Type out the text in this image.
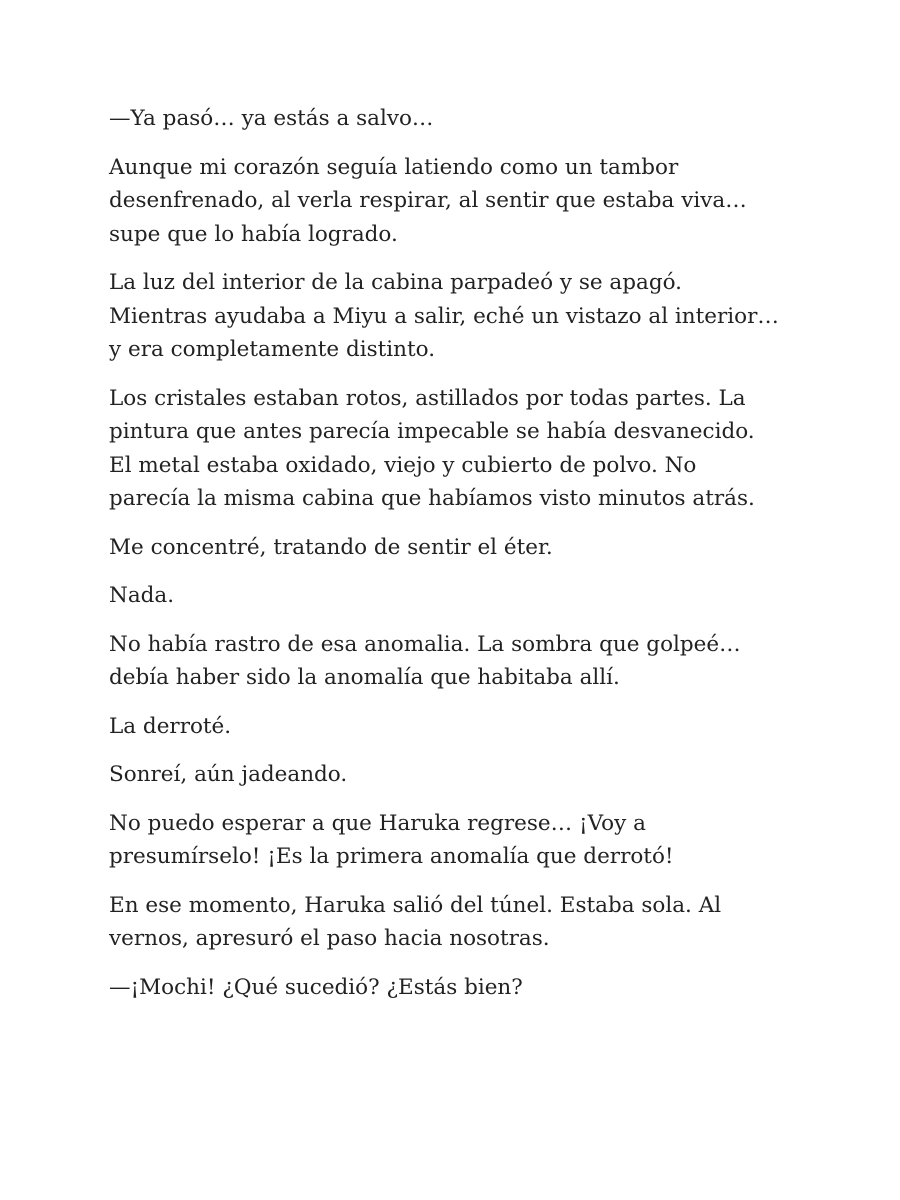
—Ya pasó… ya estás a salvo…

Aunque mi corazón seguía latiendo como un tambor
desenfrenado, al verla respirar, al sentir que estaba viva…
supe que lo había logrado.

La luz del interior de la cabina parpadeó y se apagó.
Mientras ayudaba a Miyu a salir, eché un vistazo al interior…
y era completamente distinto.

Los cristales estaban rotos, astillados por todas partes. La
pintura que antes parecía impecable se había desvanecido.
El metal estaba oxidado, viejo y cubierto de polvo. No
parecía la misma cabina que habíamos visto minutos atrás.

Me concentré, tratando de sentir el éter.

Nada.

No había rastro de esa anomalia. La sombra que golpeé…
debía haber sido la anomalía que habitaba allí.

La derroté.

Sonreí, aún jadeando.

No puedo esperar a que Haruka regrese… ¡Voy a
presumírselo! ¡Es la primera anomalía que derrotó!

En ese momento, Haruka salió del túnel. Estaba sola. Al
vernos, apresuró el paso hacia nosotras.

—¡Mochi! ¿Qué sucedió? ¿Estás bien?
